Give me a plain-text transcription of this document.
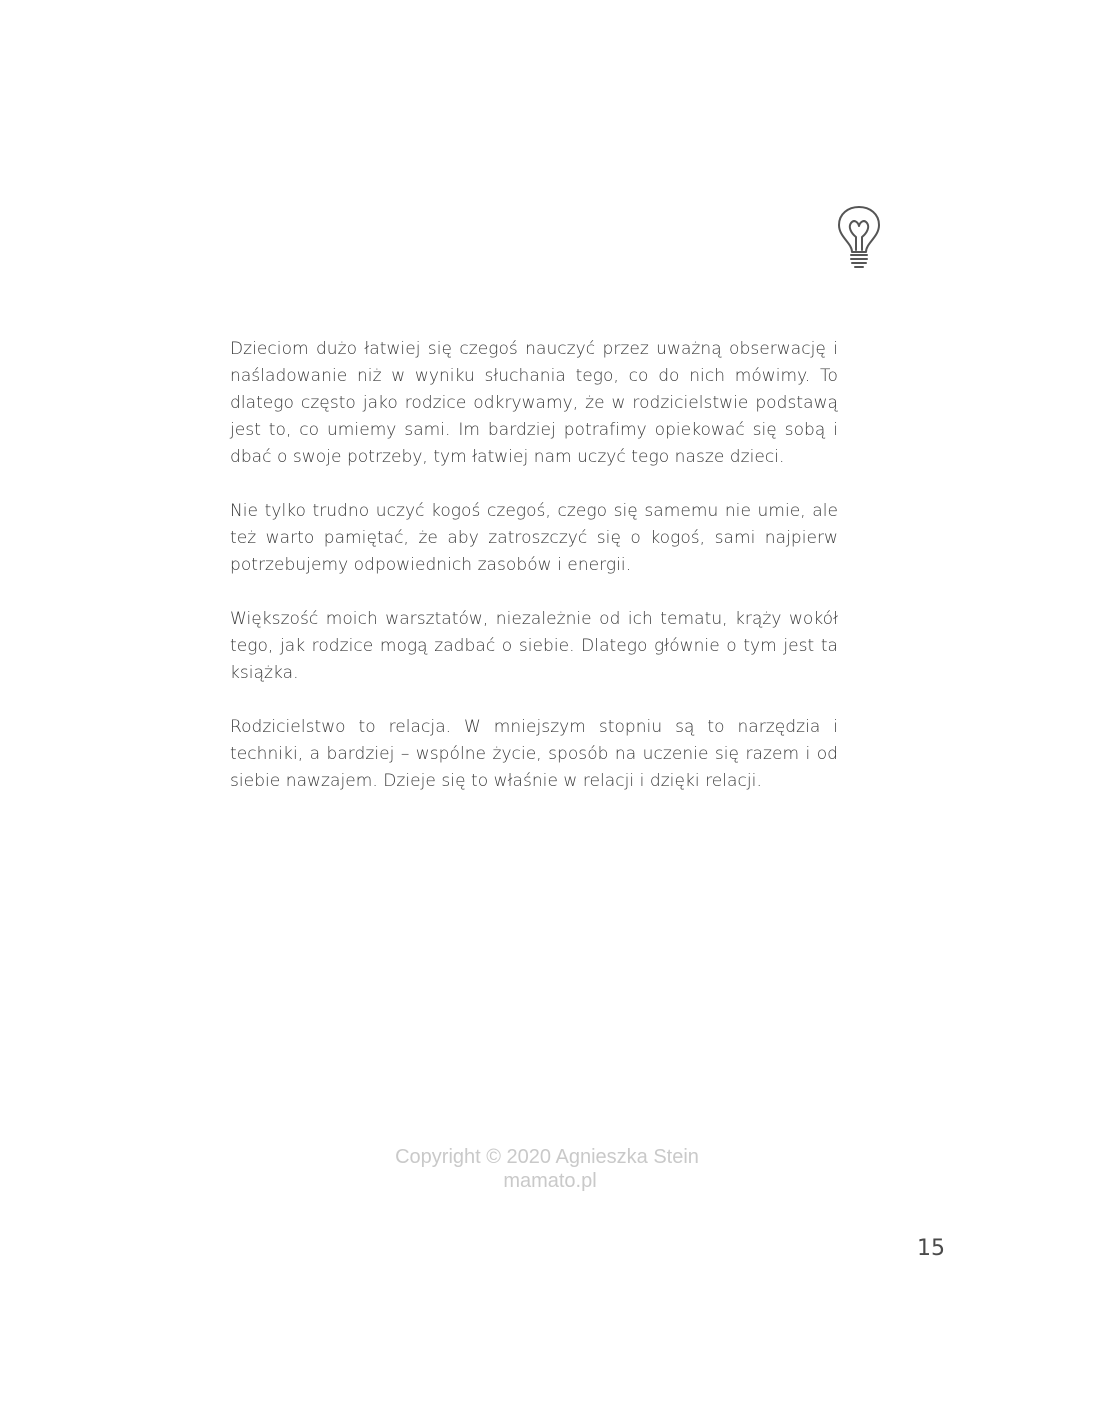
Dzieciom dużo łatwiej się czegoś nauczyć przez uważną obserwację i naśladowanie niż w wyniku słuchania tego, co do nich mówimy. To dlatego często jako rodzice odkrywamy, że w rodzicielstwie podstawą jest to, co umiemy sami. Im bardziej potrafimy opiekować się sobą i dbać o swoje potrzeby, tym łatwiej nam uczyć tego nasze dzieci.

Nie tylko trudno uczyć kogoś czegoś, czego się samemu nie umie, ale też warto pamiętać, że aby zatroszczyć się o kogoś, sami najpierw potrzebujemy odpowiednich zasobów i energii.

Większość moich warsztatów, niezależnie od ich tematu, krąży wokół tego, jak rodzice mogą zadbać o siebie. Dlatego głównie o tym jest ta książka.

Rodzicielstwo to relacja. W mniejszym stopniu są to narzędzia i techniki, a bardziej – wspólne życie, sposób na uczenie się razem i od siebie nawzajem. Dzieje się to właśnie w relacji i dzięki relacji.

Copyright © 2020 Agnieszka Stein
mamato.pl
15
